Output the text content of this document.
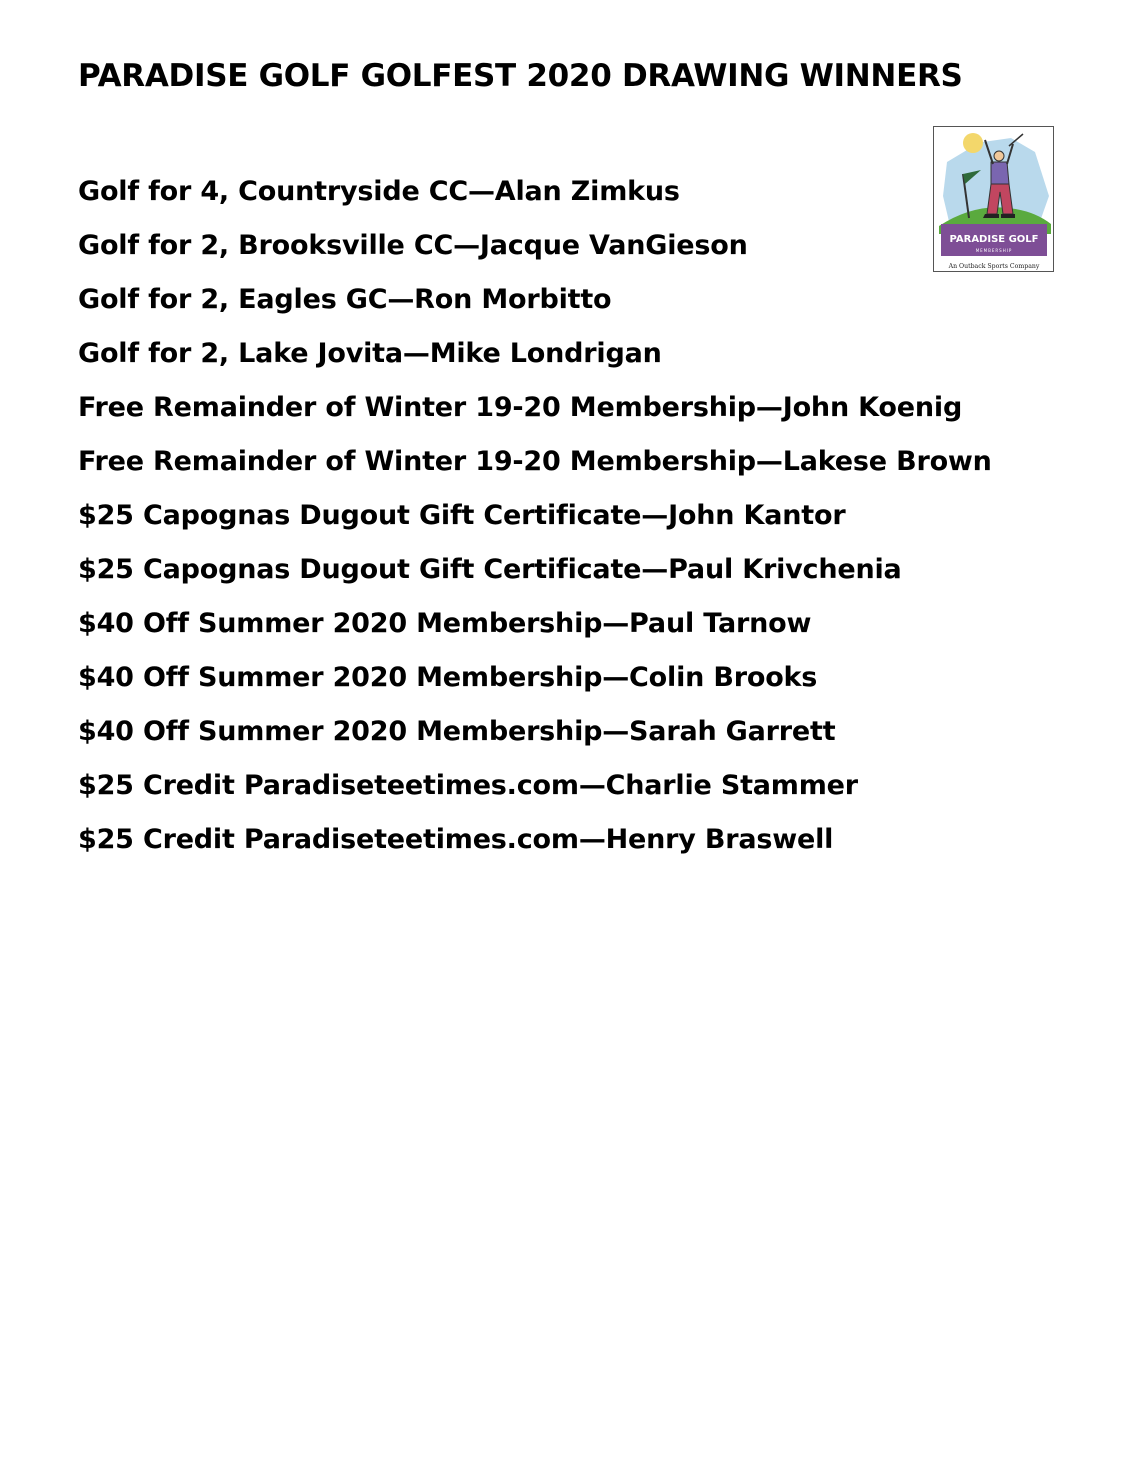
PARADISE GOLF GOLFEST 2020 DRAWING WINNERS
Golf for 4, Countryside CC—Alan Zimkus
Golf for 2, Brooksville CC—Jacque VanGieson
Golf for 2, Eagles GC—Ron Morbitto
Golf for 2, Lake Jovita—Mike Londrigan
Free Remainder of Winter 19-20 Membership—John Koenig
Free Remainder of Winter 19-20 Membership—Lakese Brown
$25 Capognas Dugout Gift Certificate—John Kantor
$25 Capognas Dugout Gift Certificate—Paul Krivchenia
$40 Off Summer 2020 Membership—Paul Tarnow
$40 Off Summer 2020 Membership—Colin Brooks
$40 Off Summer 2020 Membership—Sarah Garrett
$25 Credit Paradiseteetimes.com—Charlie Stammer
$25 Credit Paradiseteetimes.com—Henry Braswell
PARADISE GOLF
MEMBERSHIP
An Outback Sports Company
